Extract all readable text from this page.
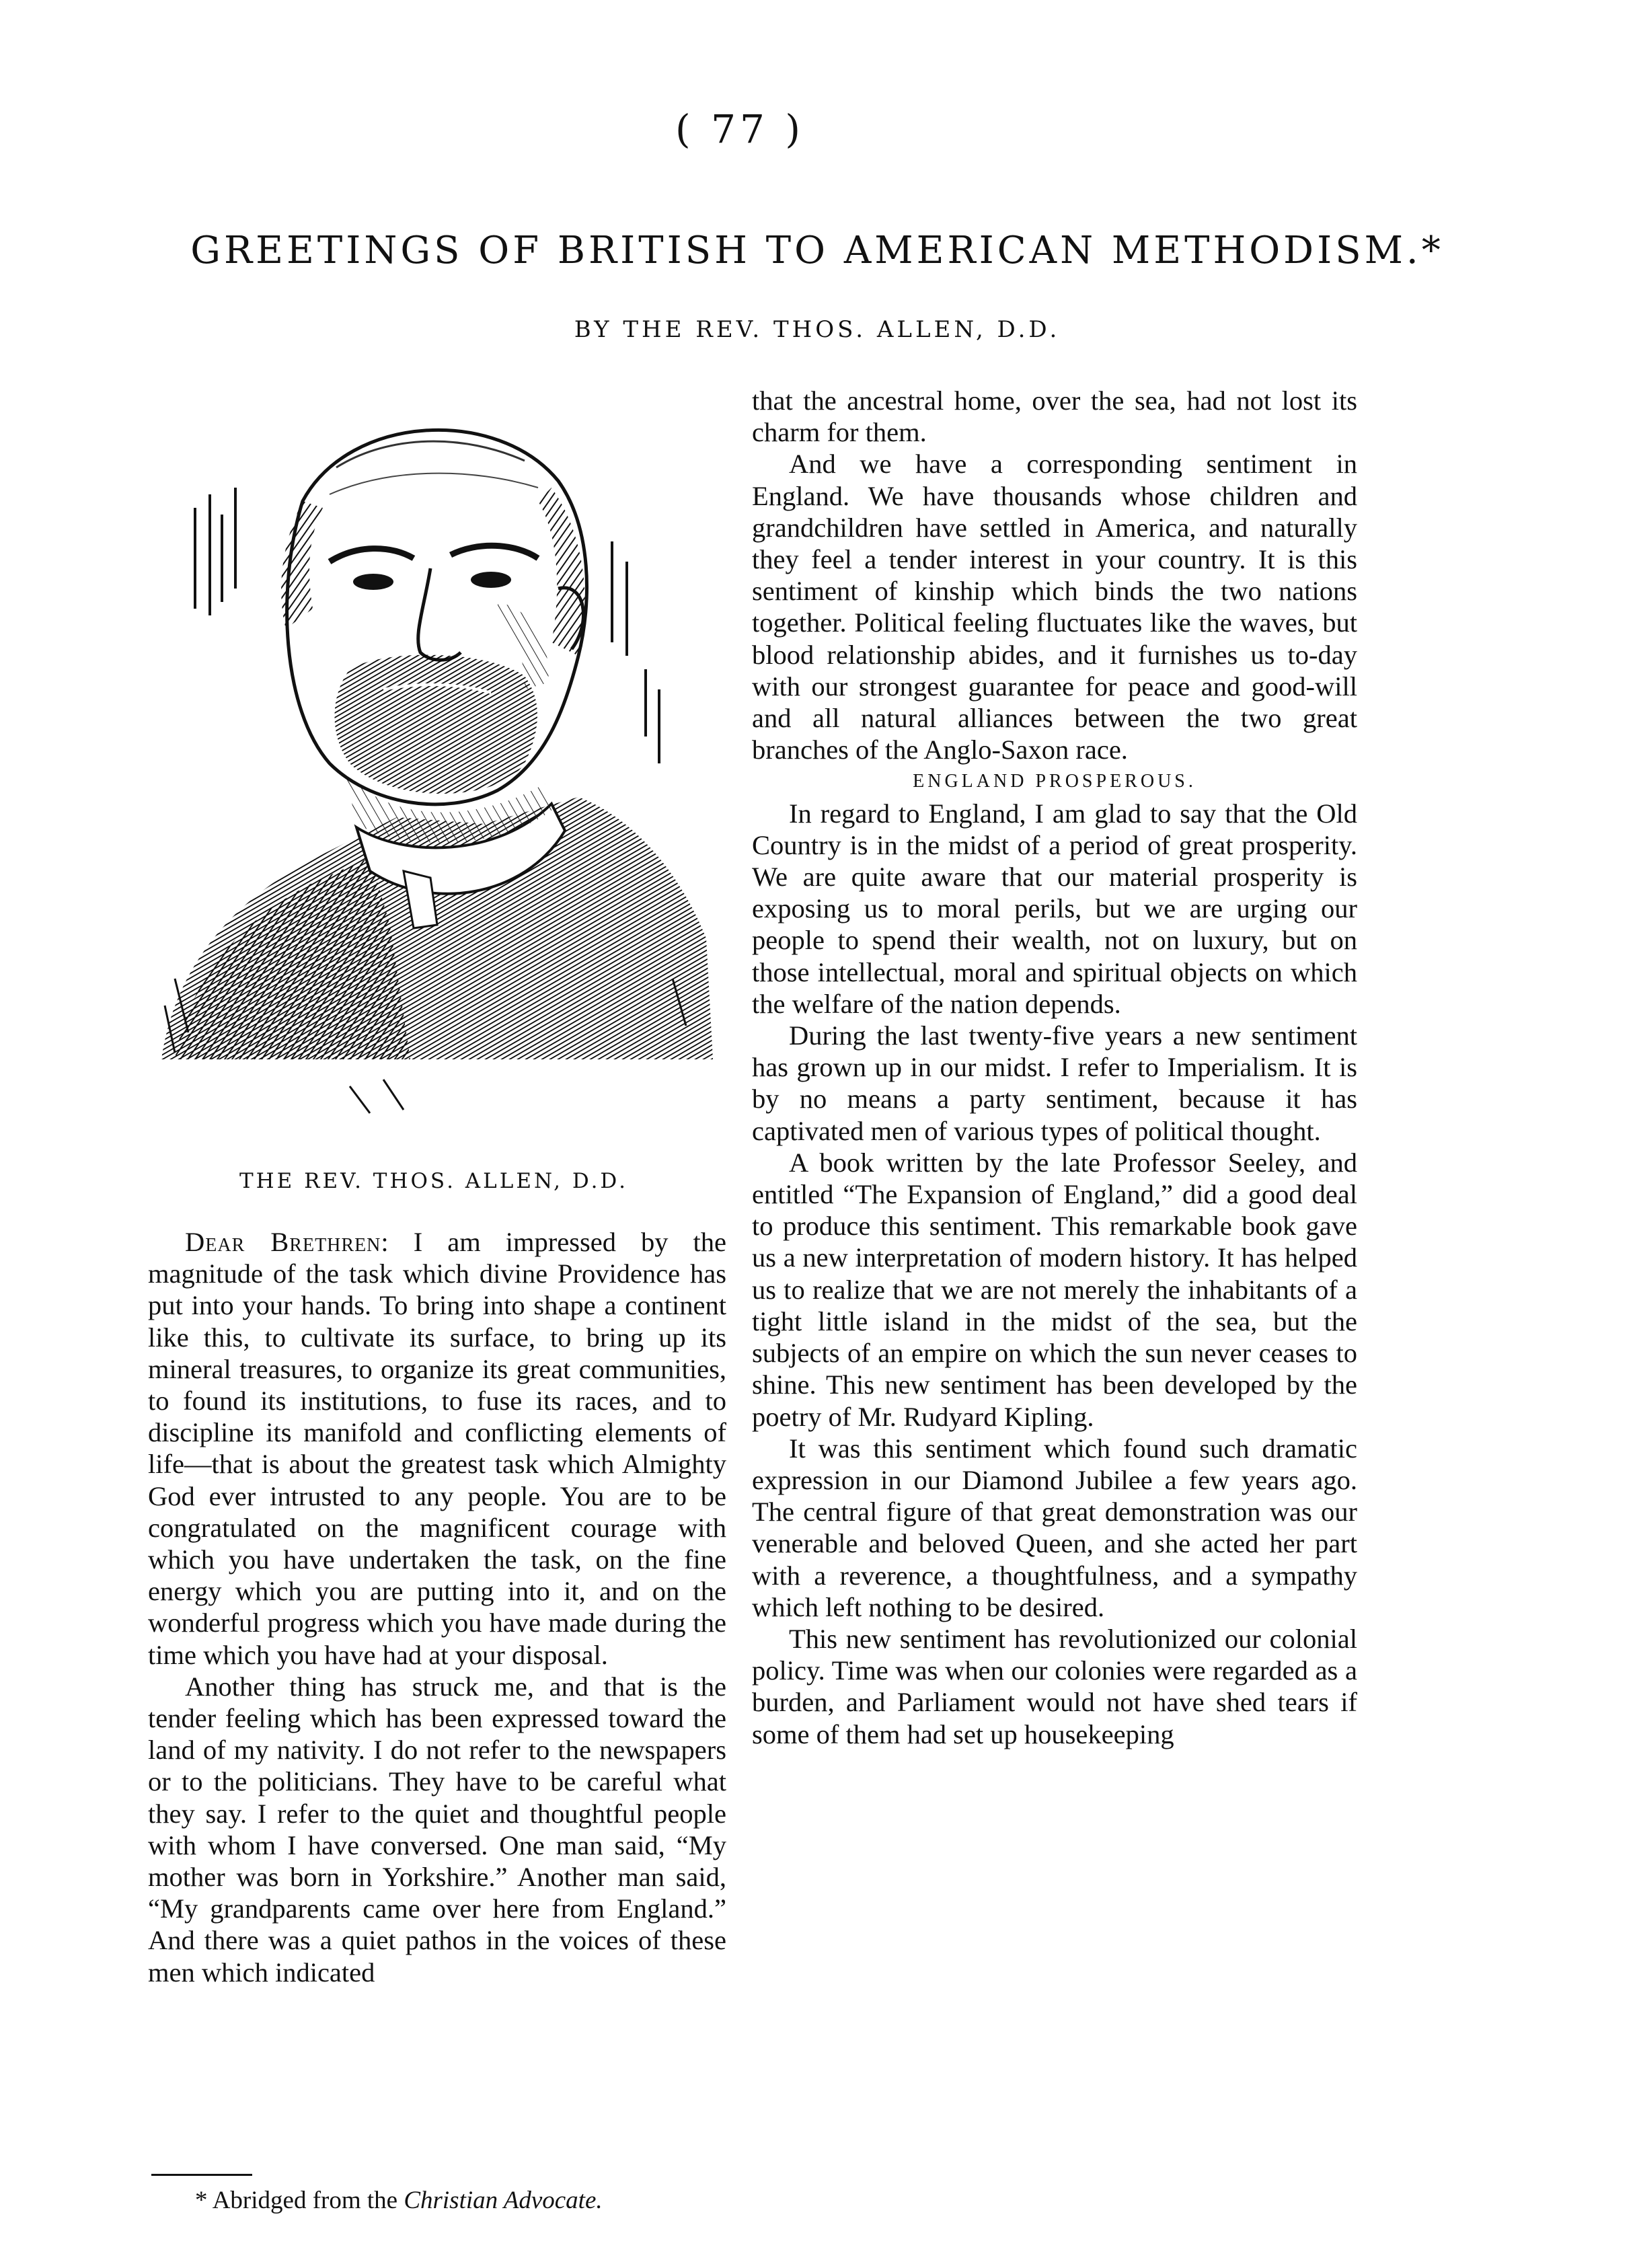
( 77 )
GREETINGS OF BRITISH TO AMERICAN METHODISM.*
BY THE REV. THOS. ALLEN, D.D.
THE REV. THOS. ALLEN, D.D.

Dear Brethren: I am impressed by the magnitude of the task which divine Providence has put into your hands. To bring into shape a continent like this, to cultivate its surface, to bring up its mineral treasures, to organize its great communities, to found its institutions, to fuse its races, and to discipline its manifold and conflicting elements of life—that is about the greatest task which Almighty God ever intrusted to any people. You are to be congratulated on the magnificent courage with which you have undertaken the task, on the fine energy which you are putting into it, and on the wonderful progress which you have made during the time which you have had at your disposal.

Another thing has struck me, and that is the tender feeling which has been expressed toward the land of my nativity. I do not refer to the newspapers or to the politicians. They have to be careful what they say. I refer to the quiet and thoughtful people with whom I have conversed. One man said, “My mother was born in Yorkshire.” Another man said, “My grandparents came over here from England.” And there was a quiet pathos in the voices of these men which indicated

that the ancestral home, over the sea, had not lost its charm for them.

And we have a corresponding sentiment in England. We have thousands whose children and grandchildren have settled in America, and naturally they feel a tender interest in your country. It is this sentiment of kinship which binds the two nations together. Political feeling fluctuates like the waves, but blood relationship abides, and it furnishes us to-day with our strongest guarantee for peace and good-will and all natural alliances between the two great branches of the Anglo-Saxon race.

ENGLAND PROSPEROUS.

In regard to England, I am glad to say that the Old Country is in the midst of a period of great prosperity. We are quite aware that our material prosperity is exposing us to moral perils, but we are urging our people to spend their wealth, not on luxury, but on those intellectual, moral and spiritual objects on which the welfare of the nation depends.

During the last twenty-five years a new sentiment has grown up in our midst. I refer to Imperialism. It is by no means a party sentiment, because it has captivated men of various types of political thought.

A book written by the late Professor Seeley, and entitled “The Expansion of England,” did a good deal to produce this sentiment. This remarkable book gave us a new interpretation of modern history. It has helped us to realize that we are not merely the inhabitants of a tight little island in the midst of the sea, but the subjects of an empire on which the sun never ceases to shine. This new sentiment has been developed by the poetry of Mr. Rudyard Kipling.

It was this sentiment which found such dramatic expression in our Diamond Jubilee a few years ago. The central figure of that great demonstration was our venerable and beloved Queen, and she acted her part with a reverence, a thoughtfulness, and a sympathy which left nothing to be desired.

This new sentiment has revolutionized our colonial policy. Time was when our colonies were regarded as a burden, and Parliament would not have shed tears if some of them had set up housekeeping

* Abridged from the Christian Advocate.
